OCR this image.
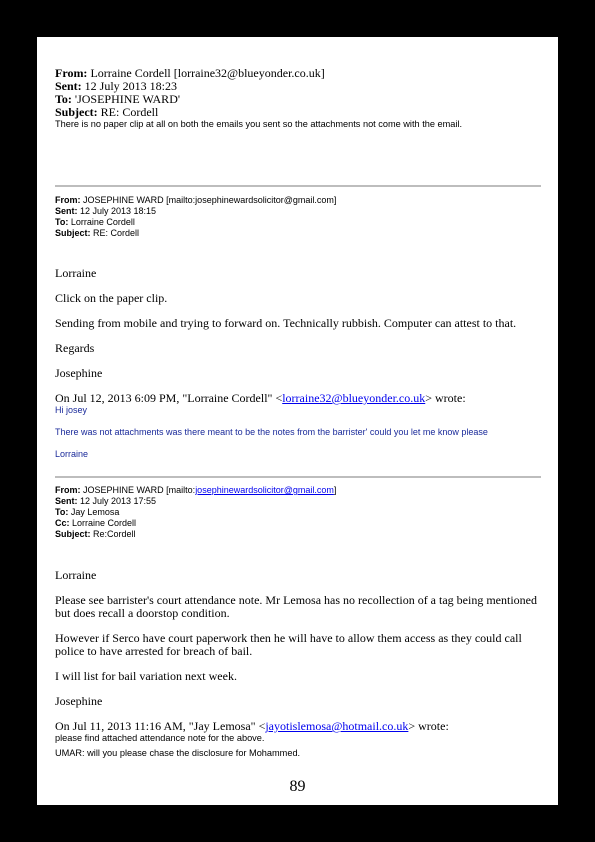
From: Lorraine Cordell [lorraine32@blueyonder.co.uk]
Sent: 12 July 2013 18:23
To: 'JOSEPHINE WARD'
Subject: RE: Cordell
There is no paper clip at all on both the emails you sent so the attachments not come with the email.
From: JOSEPHINE WARD [mailto:josephinewardsolicitor@gmail.com]
Sent: 12 July 2013 18:15
To: Lorraine Cordell
Subject: RE: Cordell
Lorraine
Click on the paper clip.
Sending from mobile and trying to forward on. Technically rubbish. Computer can attest to that.
Regards
Josephine
On Jul 12, 2013 6:09 PM, "Lorraine Cordell" <lorraine32@blueyonder.co.uk> wrote:
Hi josey
There was not attachments was there meant to be the notes from the barrister' could you let me know please
Lorraine
From: JOSEPHINE WARD [mailto:josephinewardsolicitor@gmail.com]
Sent: 12 July 2013 17:55
To: Jay Lemosa
Cc: Lorraine Cordell
Subject: Re:Cordell
Lorraine
Please see barrister's court attendance note. Mr Lemosa has no recollection of a tag being mentioned
but does recall a doorstop condition.
However if Serco have court paperwork then he will have to allow them access as they could call
police to have arrested for breach of bail.
I will list for bail variation next week.
Josephine
On Jul 11, 2013 11:16 AM, "Jay Lemosa" <jayotislemosa@hotmail.co.uk> wrote:
please find attached attendance note for the above.
UMAR: will you please chase the disclosure for Mohammed.
89
